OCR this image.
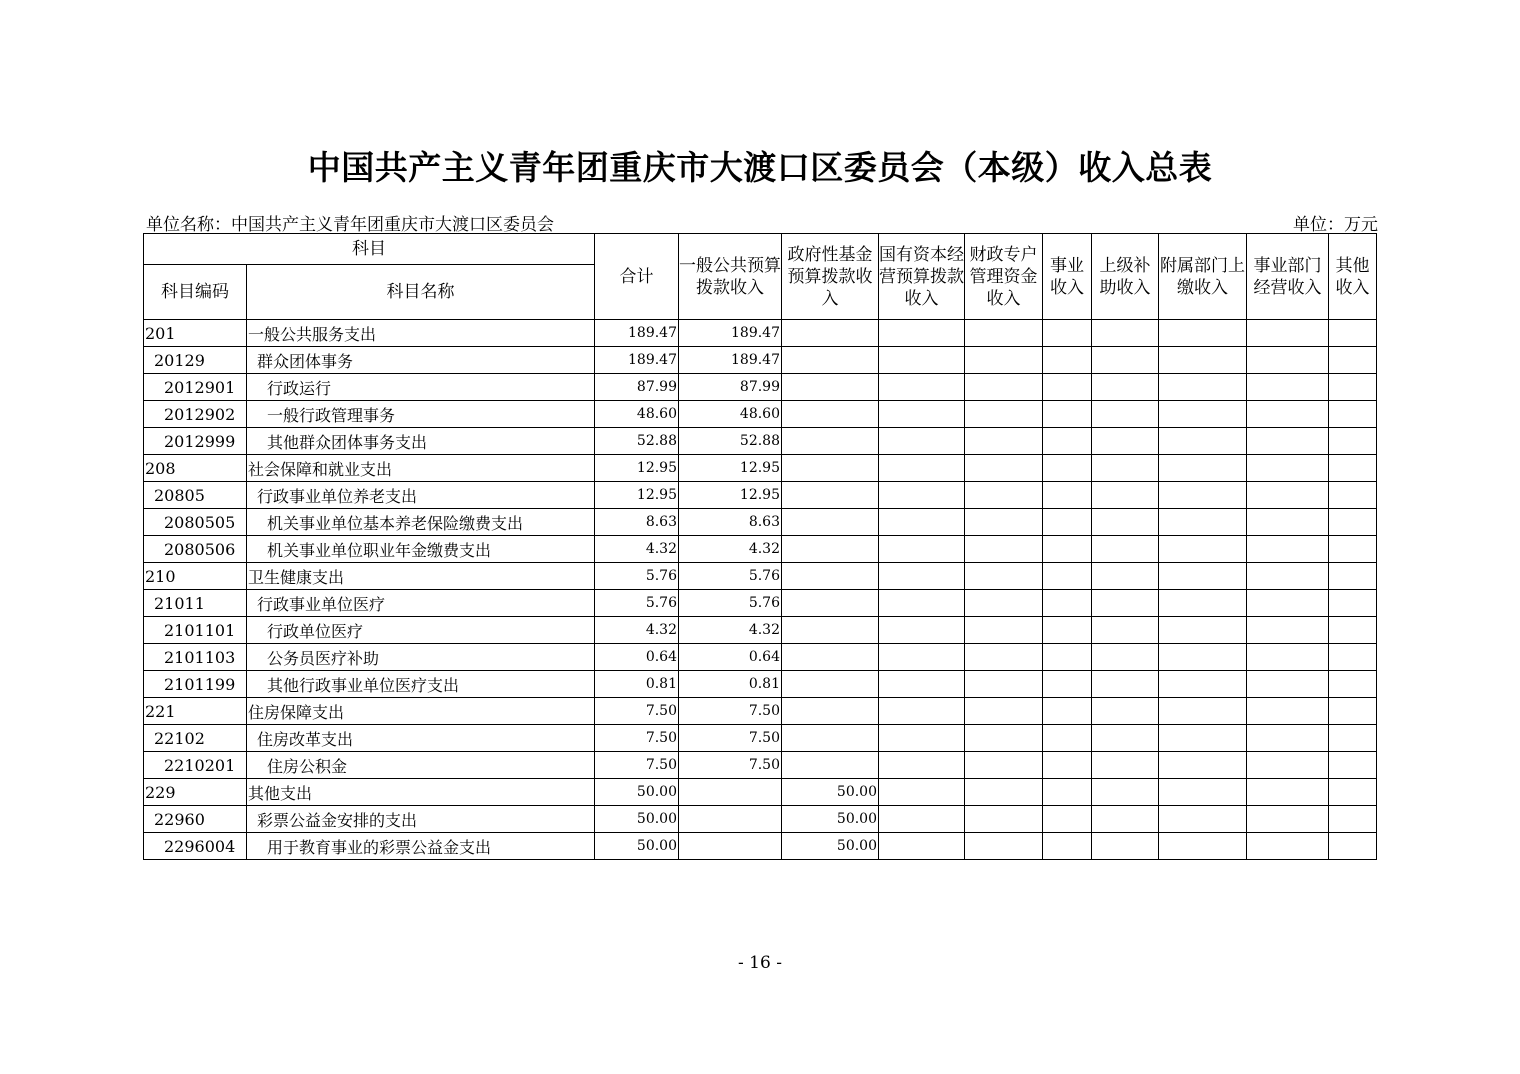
中国共产主义青年团重庆市大渡口区委员会（本级）收入总表
单位名称：中国共产主义青年团重庆市大渡口区委员会	单位：万元
科目		合计	一般公共预算拨款收入	政府性基金预算拨款收入	国有资本经营预算拨款收入	财政专户管理资金收入	事业收入	上级补助收入	附属部门上缴收入	事业部门经营收入	其他收入
科目编码	科目名称										
201	一般公共服务支出	189.47	189.47								
20129	群众团体事务	189.47	189.47								
2012901	行政运行	87.99	87.99								
2012902	一般行政管理事务	48.60	48.60								
2012999	其他群众团体事务支出	52.88	52.88								
208	社会保障和就业支出	12.95	12.95								
20805	行政事业单位养老支出	12.95	12.95								
2080505	机关事业单位基本养老保险缴费支出	8.63	8.63								
2080506	机关事业单位职业年金缴费支出	4.32	4.32								
210	卫生健康支出	5.76	5.76								
21011	行政事业单位医疗	5.76	5.76								
2101101	行政单位医疗	4.32	4.32								
2101103	公务员医疗补助	0.64	0.64								
2101199	其他行政事业单位医疗支出	0.81	0.81								
221	住房保障支出	7.50	7.50								
22102	住房改革支出	7.50	7.50								
2210201	住房公积金	7.50	7.50								
229	其他支出	50.00		50.00							
22960	彩票公益金安排的支出	50.00		50.00							
2296004	用于教育事业的彩票公益金支出	50.00		50.00							
- 16 -
